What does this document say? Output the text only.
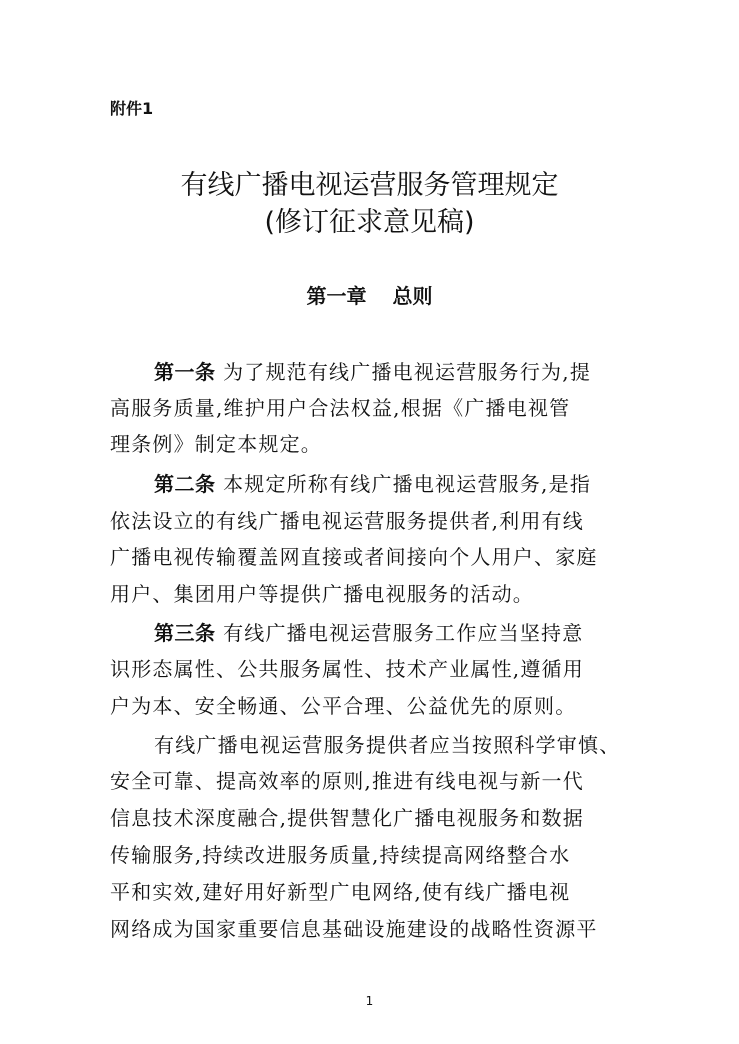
附件1
有线广播电视运营服务管理规定
(修订征求意见稿)
第一章 总则
第一条 为了规范有线广播电视运营服务行为,提
高服务质量,维护用户合法权益,根据《广播电视管
理条例》制定本规定。
第二条 本规定所称有线广播电视运营服务,是指
依法设立的有线广播电视运营服务提供者,利用有线
广播电视传输覆盖网直接或者间接向个人用户、家庭
用户、集团用户等提供广播电视服务的活动。
第三条 有线广播电视运营服务工作应当坚持意
识形态属性、公共服务属性、技术产业属性,遵循用
户为本、安全畅通、公平合理、公益优先的原则。
有线广播电视运营服务提供者应当按照科学审慎、
安全可靠、提高效率的原则,推进有线电视与新一代
信息技术深度融合,提供智慧化广播电视服务和数据
传输服务,持续改进服务质量,持续提高网络整合水
平和实效,建好用好新型广电网络,使有线广播电视
网络成为国家重要信息基础设施建设的战略性资源平
1
